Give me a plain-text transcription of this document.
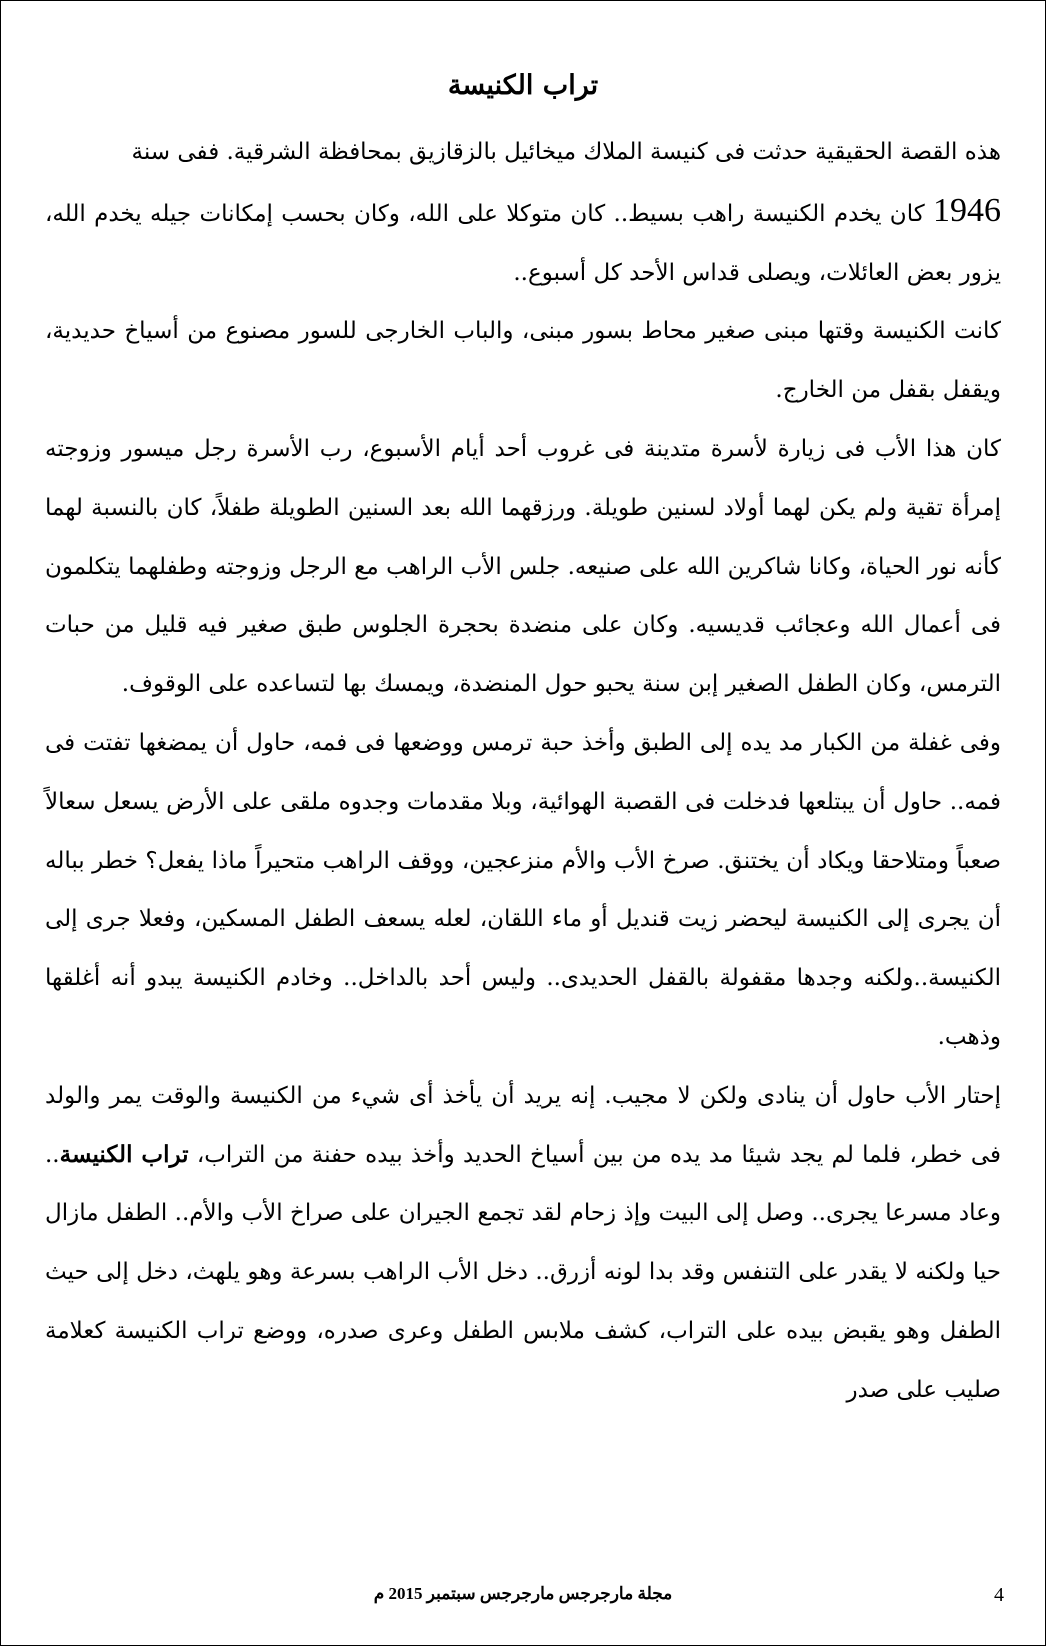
تراب الكنيسة

هذه القصة الحقيقية حدثت فى كنيسة الملاك ميخائيل بالزقازيق بمحافظة الشرقية. ففى سنة
1946 كان يخدم الكنيسة راهب بسيط.. كان متوكلا على الله، وكان بحسب إمكانات جيله يخدم الله، يزور بعض العائلات، ويصلى قداس الأحد كل أسبوع..

كانت الكنيسة وقتها مبنى صغير محاط بسور مبنى، والباب الخارجى للسور مصنوع من أسياخ حديدية، ويقفل بقفل من الخارج.

كان هذا الأب فى زيارة لأسرة متدينة فى غروب أحد أيام الأسبوع، رب الأسرة رجل ميسور وزوجته إمرأة تقية ولم يكن لهما أولاد لسنين طويلة. ورزقهما الله بعد السنين الطويلة طفلاً، كان بالنسبة لهما كأنه نور الحياة، وكانا شاكرين الله على صنيعه. جلس الأب الراهب مع الرجل وزوجته وطفلهما يتكلمون فى أعمال الله وعجائب قديسيه. وكان على منضدة بحجرة الجلوس طبق صغير فيه قليل من حبات الترمس، وكان الطفل الصغير إبن سنة يحبو حول المنضدة، ويمسك بها لتساعده على الوقوف.

وفى غفلة من الكبار مد يده إلى الطبق وأخذ حبة ترمس ووضعها فى فمه، حاول أن يمضغها تفتت فى فمه.. حاول أن يبتلعها فدخلت فى القصبة الهوائية، وبلا مقدمات وجدوه ملقى على الأرض يسعل سعالاً صعباً ومتلاحقا ويكاد أن يختنق. صرخ الأب والأم منزعجين، ووقف الراهب متحيراً ماذا يفعل؟ خطر بباله أن يجرى إلى الكنيسة ليحضر زيت قنديل أو ماء اللقان، لعله يسعف الطفل المسكين، وفعلا جرى إلى الكنيسة..ولكنه وجدها مقفولة بالقفل الحديدى.. وليس أحد بالداخل.. وخادم الكنيسة يبدو أنه أغلقها وذهب.

إحتار الأب حاول أن ينادى ولكن لا مجيب. إنه يريد أن يأخذ أى شيء من الكنيسة والوقت يمر والولد فى خطر، فلما لم يجد شيئا مد يده من بين أسياخ الحديد وأخذ بيده حفنة من التراب، تراب الكنيسة.. وعاد مسرعا يجرى.. وصل إلى البيت وإذ زحام لقد تجمع الجيران على صراخ الأب والأم.. الطفل مازال حيا ولكنه لا يقدر على التنفس وقد بدا لونه أزرق.. دخل الأب الراهب بسرعة وهو يلهث، دخل إلى حيث الطفل وهو يقبض بيده على التراب، كشف ملابس الطفل وعرى صدره، ووضع تراب الكنيسة كعلامة صليب على صدر

مجلة مارجرجس مارجرجس سبتمبر 2015 م	4
